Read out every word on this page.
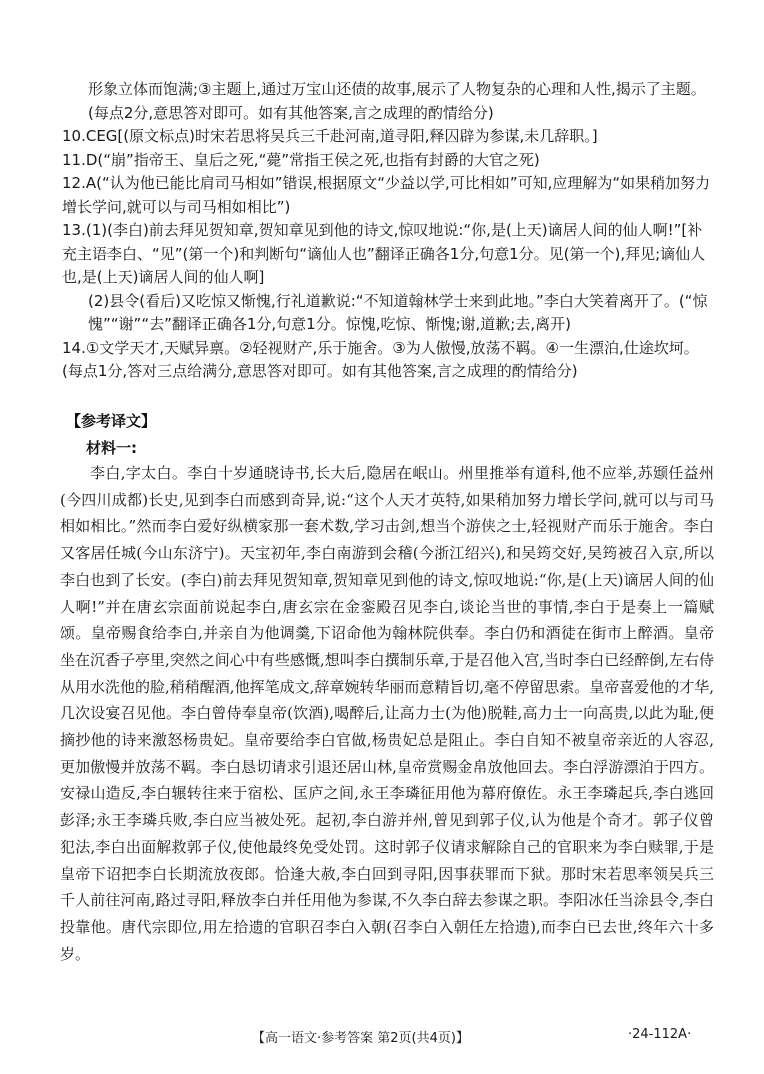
形象立体而饱满;③主题上,通过万宝山还债的故事,展示了人物复杂的心理和人性,揭示了主题。(每点2分,意思答对即可。如有其他答案,言之成理的酌情给分)

10.CEG[(原文标点)时宋若思将吴兵三千赴河南,道寻阳,释囚辟为参谋,未几辞职。]

11.D(“崩”指帝王、皇后之死,“薨”常指王侯之死,也指有封爵的大官之死)

12.A(“认为他已能比肩司马相如”错误,根据原文“少益以学,可比相如”可知,应理解为“如果稍加努力增长学问,就可以与司马相如相比”)

13.(1)(李白)前去拜见贺知章,贺知章见到他的诗文,惊叹地说:“你,是(上天)谪居人间的仙人啊!”[补充主语李白、“见”(第一个)和判断句“谪仙人也”翻译正确各1分,句意1分。见(第一个),拜见;谪仙人也,是(上天)谪居人间的仙人啊]

(2)县令(看后)又吃惊又惭愧,行礼道歉说:“不知道翰林学士来到此地。”李白大笑着离开了。(“惊愧”“谢”“去”翻译正确各1分,句意1分。惊愧,吃惊、惭愧;谢,道歉;去,离开)

14.①文学天才,天赋异禀。②轻视财产,乐于施舍。③为人傲慢,放荡不羁。④一生漂泊,仕途坎坷。(每点1分,答对三点给满分,意思答对即可。如有其他答案,言之成理的酌情给分)

【参考译文】
材料一:

李白,字太白。李白十岁通晓诗书,长大后,隐居在岷山。州里推举有道科,他不应举,苏颋任益州(今四川成都)长史,见到李白而感到奇异,说:“这个人天才英特,如果稍加努力增长学问,就可以与司马相如相比。”然而李白爱好纵横家那一套术数,学习击剑,想当个游侠之士,轻视财产而乐于施舍。李白又客居任城(今山东济宁)。天宝初年,李白南游到会稽(今浙江绍兴),和吴筠交好,吴筠被召入京,所以李白也到了长安。(李白)前去拜见贺知章,贺知章见到他的诗文,惊叹地说:“你,是(上天)谪居人间的仙人啊!”并在唐玄宗面前说起李白,唐玄宗在金銮殿召见李白,谈论当世的事情,李白于是奏上一篇赋颂。皇帝赐食给李白,并亲自为他调羹,下诏命他为翰林院供奉。李白仍和酒徒在街市上醉酒。皇帝坐在沉香子亭里,突然之间心中有些感慨,想叫李白撰制乐章,于是召他入宫,当时李白已经醉倒,左右侍从用水洗他的脸,稍稍醒酒,他挥笔成文,辞章婉转华丽而意精旨切,毫不停留思索。皇帝喜爱他的才华,几次设宴召见他。李白曾侍奉皇帝(饮酒),喝醉后,让高力士(为他)脱鞋,高力士一向高贵,以此为耻,便摘抄他的诗来激怒杨贵妃。皇帝要给李白官做,杨贵妃总是阻止。李白自知不被皇帝亲近的人容忍,更加傲慢并放荡不羁。李白恳切请求引退还居山林,皇帝赏赐金帛放他回去。李白浮游漂泊于四方。安禄山造反,李白辗转往来于宿松、匡庐之间,永王李璘征用他为幕府僚佐。永王李璘起兵,李白逃回彭泽;永王李璘兵败,李白应当被处死。起初,李白游并州,曾见到郭子仪,认为他是个奇才。郭子仪曾犯法,李白出面解救郭子仪,使他最终免受处罚。这时郭子仪请求解除自己的官职来为李白赎罪,于是皇帝下诏把李白长期流放夜郎。恰逢大赦,李白回到寻阳,因事获罪而下狱。那时宋若思率领吴兵三千人前往河南,路过寻阳,释放李白并任用他为参谋,不久李白辞去参谋之职。李阳冰任当涂县令,李白投靠他。唐代宗即位,用左拾遗的官职召李白入朝(召李白入朝任左拾遗),而李白已去世,终年六十多岁。

【高一语文·参考答案 第2页(共4页)】	·24-112A·
